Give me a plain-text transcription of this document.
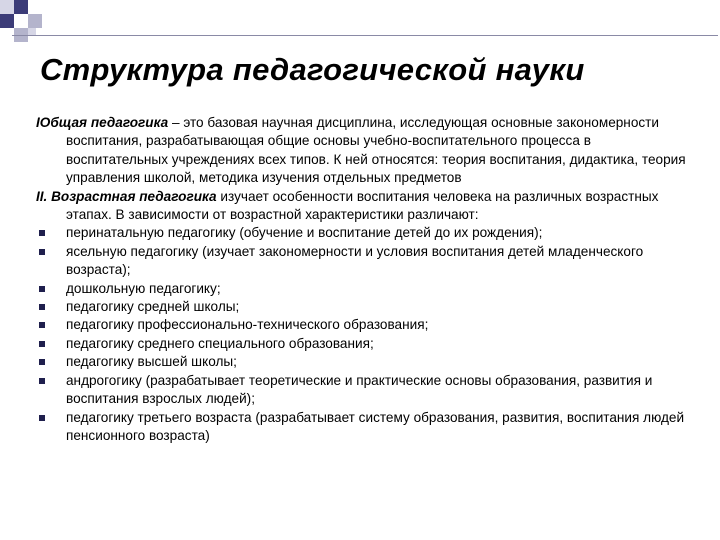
Структура педагогической науки

IОбщая педагогика – это базовая научная дисциплина, исследующая основные закономерности воспитания, разрабатывающая общие основы учебно-воспитательного процесса в воспитательных учреждениях всех типов. К ней относятся: теория воспитания, дидактика, теория управления школой, методика изучения отдельных предметов

II. Возрастная педагогика изучает особенности воспитания человека на различных возрастных этапах. В зависимости от возрастной характеристики различают:

перинатальную педагогику (обучение и воспитание детей до их рождения);
ясельную педагогику (изучает закономерности и условия воспитания детей младенческого возраста);
дошкольную педагогику;
педагогику средней школы;
педагогику профессионально-технического образования;
педагогику среднего специального образования;
педагогику высшей школы;
андрогогику (разрабатывает теоретические и практические основы образования, развития и воспитания взрослых людей);
педагогику третьего возраста (разрабатывает систему образования, развития, воспитания людей пенсионного возраста)
